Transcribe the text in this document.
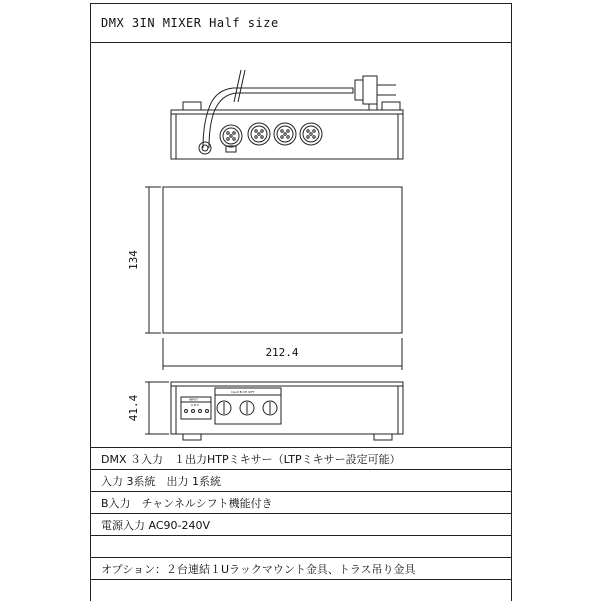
DMX 3IN MIXER Half size
134
212.4
Input B CH SIFT
INPUT
A B C
41.4
DMX ３入力　１出力HTPミキサー（LTPミキサー設定可能）
入力 3系統　出力 1系統
B入力　チャンネルシフト機能付き
電源入力 AC90-240V
オプション：２台連結１Uラックマウント金具、トラス吊り金具
